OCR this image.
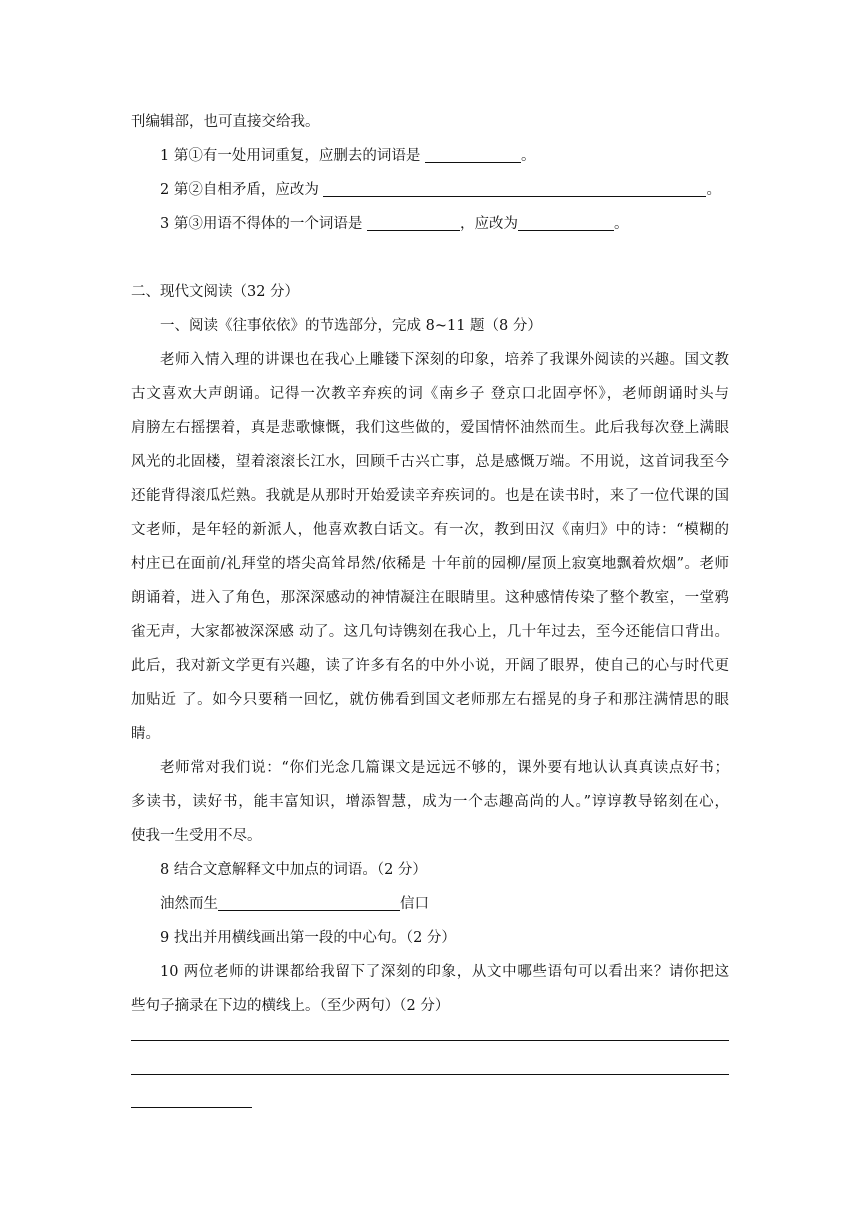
刊编辑部，也可直接交给我。
1 第①有一处用词重复，应删去的词语是	。
2 第②自相矛盾，应改为	。
3 第③用语不得体的一个词语是	，应改为	。
二、现代文阅读（32 分）
一、阅读《往事依依》的节选部分，完成 8~11 题（8 分）
老师入情入理的讲课也在我心上雕镂下深刻的印象，培养了我课外阅读的兴趣。国文教
古文喜欢大声朗诵。记得一次教辛弃疾的词《南乡子 登京口北固亭怀》，老师朗诵时头与
肩膀左右摇摆着，真是悲歌慷慨，我们这些做的，爱国情怀油然而生。此后我每次登上满眼
风光的北固楼，望着滚滚长江水，回顾千古兴亡事，总是感慨万端。不用说，这首词我至今
还能背得滚瓜烂熟。我就是从那时开始爱读辛弃疾词的。也是在读书时，来了一位代课的国
文老师，是年轻的新派人，他喜欢教白话文。有一次，教到田汉《南归》中的诗：“模糊的
村庄已在面前/礼拜堂的塔尖高耸昂然/依稀是 十年前的园柳/屋顶上寂寞地飘着炊烟”。老师
朗诵着，进入了角色，那深深感动的神情凝注在眼睛里。这种感情传染了整个教室，一堂鸦
雀无声，大家都被深深感 动了。这几句诗镌刻在我心上，几十年过去，至今还能信口背出。
此后，我对新文学更有兴趣，读了许多有名的中外小说，开阔了眼界，使自己的心与时代更
加贴近 了。如今只要稍一回忆，就仿佛看到国文老师那左右摇晃的身子和那注满情思的眼
睛。
老师常对我们说：“你们光念几篇课文是远远不够的，课外要有地认认真真读点好书；
多读书，读好书，能丰富知识，增添智慧，成为一个志趣高尚的人。”谆谆教导铭刻在心，
使我一生受用不尽。
8 结合文意解释文中加点的词语。（2 分）
油然而生	信口
9 找出并用横线画出第一段的中心句。（2 分）
10 两位老师的讲课都给我留下了深刻的印象，从文中哪些语句可以看出来？请你把这
些句子摘录在下边的横线上。（至少两句）（2 分）
